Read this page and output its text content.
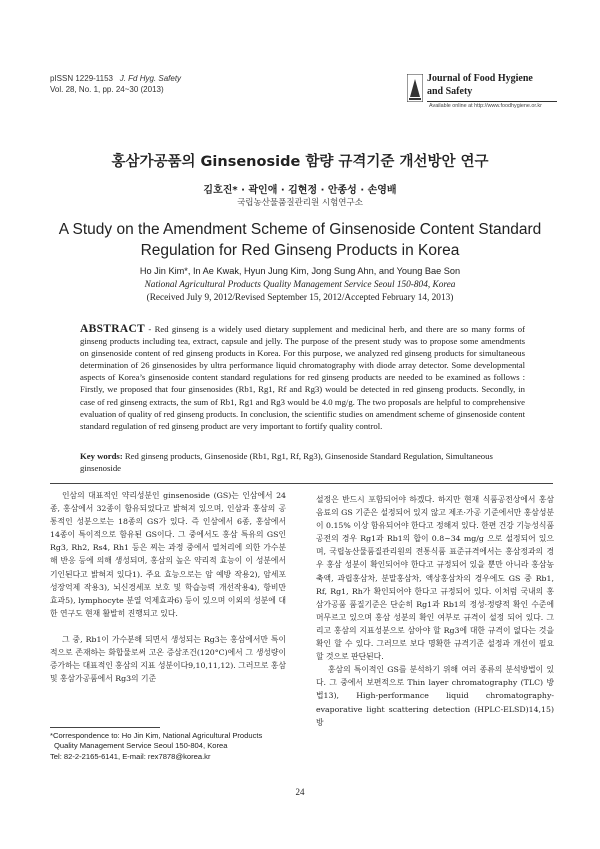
pISSN 1229-1153 J. Fd Hyg. Safety
Vol. 28, No. 1, pp. 24~30 (2013)
Journal of Food Hygiene
and Safety
Available online at http://www.foodhygiene.or.kr
홍삼가공품의 Ginsenoside 함량 규격기준 개선방안 연구
김호진* · 곽인애 · 김현정 · 안종성 · 손영배
국립농산물품질관리원 시험연구소
A Study on the Amendment Scheme of Ginsenoside Content Standard
Regulation for Red Ginseng Products in Korea
Ho Jin Kim*, In Ae Kwak, Hyun Jung Kim, Jong Sung Ahn, and Young Bae Son
National Agricultural Products Quality Management Service Seoul 150-804, Korea
(Received July 9, 2012/Revised September 15, 2012/Accepted February 14, 2013)
ABSTRACT - Red ginseng is a widely used dietary supplement and medicinal herb, and there are so many forms of ginseng products including tea, extract, capsule and jelly. The purpose of the present study was to propose some amendments on ginsenoside content of red ginseng products in Korea. For this purpose, we analyzed red ginseng products for simultaneous determination of 26 ginsenosides by ultra performance liquid chromatography with diode array detector. Some developmental aspects of Korea’s ginsenoside content standard regulations for red ginseng products are needed to be examined as follows : Firstly, we proposed that four ginsenosides (Rb1, Rg1, Rf and Rg3) would be detected in red ginseng products. Secondly, in case of red ginseng extracts, the sum of Rb1, Rg1 and Rg3 would be 4.0 mg/g. The two proposals are helpful to comprehensive evaluation of quality of red ginseng products. In conclusion, the scientific studies on amendment scheme of ginsenoside content standard regulation of red ginseng product are very important to fortify quality control.
Key words: Red ginseng products, Ginsenoside (Rb1, Rg1, Rf, Rg3), Ginsenoside Standard Regulation, Simultaneous ginsenoside

인삼의 대표적인 약리성분인 ginsenoside (GS)는 인삼에서 24종, 홍삼에서 32종이 함유되었다고 밝혀져 있으며, 인삼과 홍삼의 공통적인 성분으로는 18종의 GS가 있다. 즉 인삼에서 6종, 홍삼에서 14종이 특이적으로 함유된 GS이다. 그 중에서도 홍삼 특유의 GS인 Rg3, Rh2, Rs4, Rh1 등은 찌는 과정 중에서 열처리에 의한 가수분해 반응 등에 의해 생성되며, 홍삼의 높은 약리적 효능이 이 성분에서 기인된다고 밝혀져 있다1). 주요 효능으로는 암 예방 작용2), 암세포 성장억제 작용3), 뇌신경세포 보호 및 학습능력 개선작용4), 항비만 효과5), lymphocyte 분열 억제효과6) 등이 있으며 이외의 성분에 대한 연구도 현재 활발히 진행되고 있다.

그 중, Rb1이 가수분해 되면서 생성되는 Rg3는 홍삼에서만 특이적으로 존재하는 화합물로써 고온 증삼조건(120°C)에서 그 생성량이 증가하는 대표적인 홍삼의 지표 성분이다9,10,11,12). 그러므로 홍삼 및 홍삼가공품에서 Rg3의 기준

설정은 반드시 포함되어야 하겠다. 하지만 현재 식품공전상에서 홍삼음료의 GS 기준은 설정되어 있지 않고 제조·가공 기준에서만 홍삼성분이 0.15% 이상 함유되어야 한다고 정해져 있다. 한편 건강 기능성식품공전의 경우 Rg1과 Rb1의 합이 0.8~34 mg/g 으로 설정되어 있으며, 국립농산물품질관리원의 전통식품 표준규격에서는 홍삼정과의 경우 홍삼 성분이 확인되어야 한다고 규정되어 있을 뿐만 아니라 홍삼농축액, 과립홍삼차, 분말홍삼차, 액상홍삼차의 경우에도 GS 중 Rb1, Rf, Rg1, Rh가 확인되어야 한다고 규정되어 있다. 이처럼 국내의 홍삼가공품 품질기준은 단순히 Rg1과 Rb1의 정성·정량적 확인 수준에 머무르고 있으며 홍삼 성분의 확인 여부로 규격이 설정 되어 있다. 그리고 홍삼의 지표성분으로 삼아야 할 Rg3에 대한 규격이 없다는 것을 확인 할 수 있다. 그러므로 보다 명확한 규격기준 설정과 개선이 필요할 것으로 판단된다.

홍삼의 특이적인 GS를 분석하기 위해 여러 종류의 분석방법이 있다. 그 중에서 보편적으로 Thin layer chromatography (TLC) 방법13), High-performance liquid chromatography-evaporative light scattering detection (HPLC-ELSD)14,15) 방

*Correspondence to: Ho Jin Kim, National Agricultural Products
Quality Management Service Seoul 150-804, Korea
Tel: 82-2-2165-6141, E-mail: rex7878@korea.kr
24
